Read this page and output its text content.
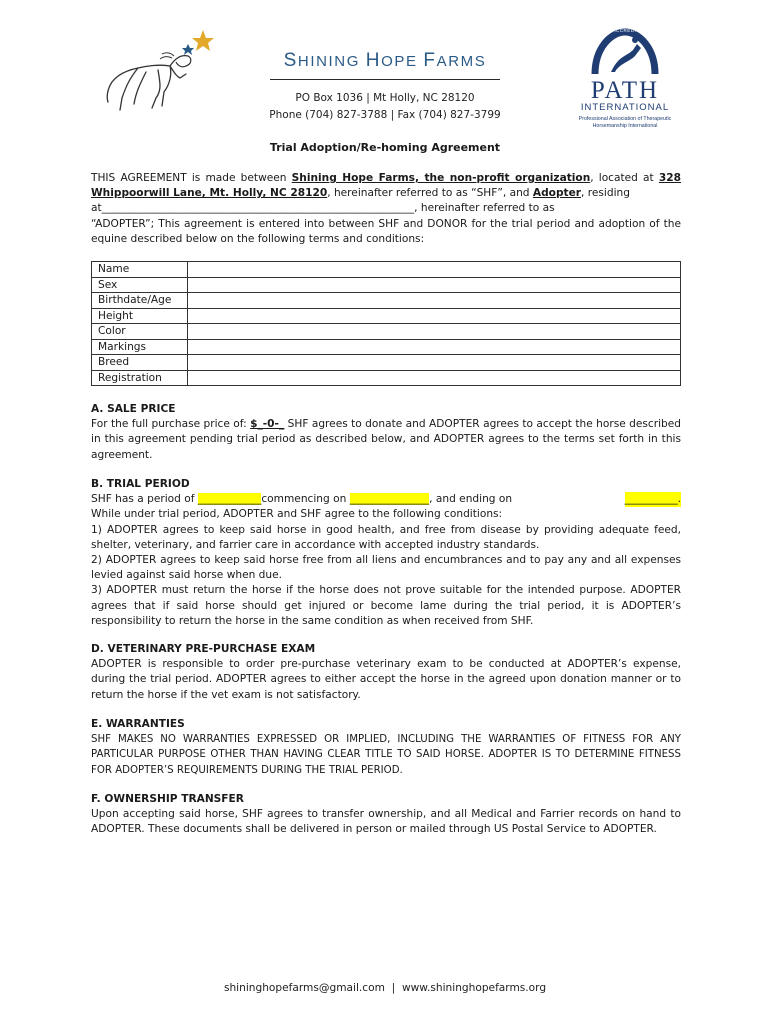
SHINING HOPE FARMS
PO Box 1036 | Mt Holly, NC 28120
Phone (704) 827-3788 | Fax (704) 827-3799
PREMIER ACCREDITED CENTER
PATH
INTERNATIONAL
Professional Association of Therapeutic
Horsemanship International
Trial Adoption/Re-homing Agreement
THIS AGREEMENT is made between Shining Hope Farms, the non-profit organization, located at 328 Whippoorwill Lane, Mt. Holly, NC 28120, hereinafter referred to as “SHF”, and Adopter, residing
at___________________________________________________________, hereinafter referred to as
“ADOPTER”; This agreement is entered into between SHF and DONOR for the trial period and adoption of the equine described below on the following terms and conditions:
Name	
Sex	
Birthdate/Age	
Height	
Color	
Markings	
Breed	
Registration	
A. SALE PRICE
For the full purchase price of: $_-0-_ SHF agrees to donate and ADOPTER agrees to accept the horse described in this agreement pending trial period as described below, and ADOPTER agrees to the terms set forth in this agreement.
B. TRIAL PERIOD
SHF has a period of ____________commencing on _______________, and ending on	__________.
While under trial period, ADOPTER and SHF agree to the following conditions:
1) ADOPTER agrees to keep said horse in good health, and free from disease by providing adequate feed, shelter, veterinary, and farrier care in accordance with accepted industry standards.
2) ADOPTER agrees to keep said horse free from all liens and encumbrances and to pay any and all expenses levied against said horse when due.
3) ADOPTER must return the horse if the horse does not prove suitable for the intended purpose. ADOPTER agrees that if said horse should get injured or become lame during the trial period, it is ADOPTER’s responsibility to return the horse in the same condition as when received from SHF.
D. VETERINARY PRE-PURCHASE EXAM
ADOPTER is responsible to order pre-purchase veterinary exam to be conducted at ADOPTER’s expense, during the trial period. ADOPTER agrees to either accept the horse in the agreed upon donation manner or to return the horse if the vet exam is not satisfactory.
E. WARRANTIES
SHF MAKES NO WARRANTIES EXPRESSED OR IMPLIED, INCLUDING THE WARRANTIES OF FITNESS FOR ANY PARTICULAR PURPOSE OTHER THAN HAVING CLEAR TITLE TO SAID HORSE. ADOPTER IS TO DETERMINE FITNESS FOR ADOPTER’S REQUIREMENTS DURING THE TRIAL PERIOD.
F. OWNERSHIP TRANSFER
Upon accepting said horse, SHF agrees to transfer ownership, and all Medical and Farrier records on hand to ADOPTER. These documents shall be delivered in person or mailed through US Postal Service to ADOPTER.
shininghopefarms@gmail.com | www.shininghopefarms.org
